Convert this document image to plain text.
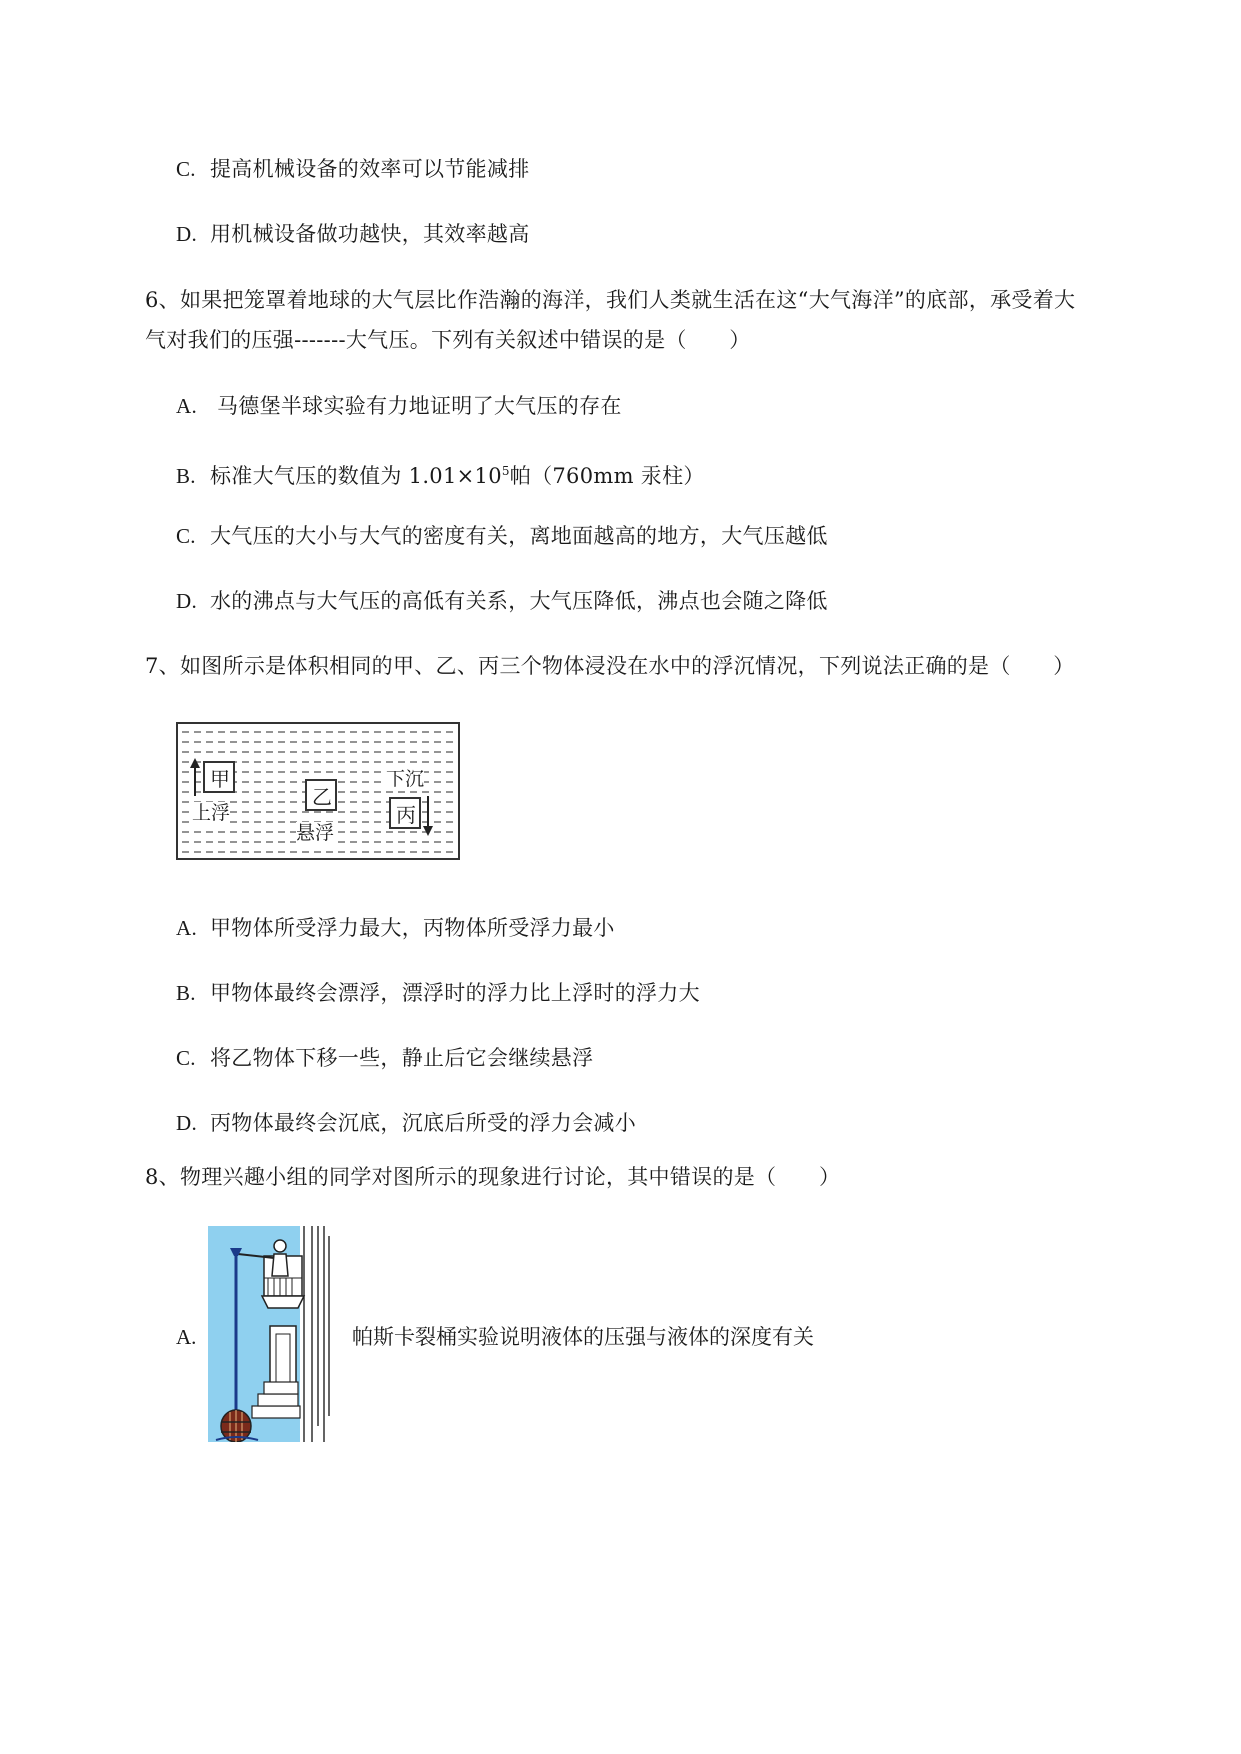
C. 提高机械设备的效率可以节能减排
D. 用机械设备做功越快，其效率越高
6、如果把笼罩着地球的大气层比作浩瀚的海洋，我们人类就生活在这“大气海洋”的底部，承受着大
气对我们的压强-------大气压。下列有关叙述中错误的是（　　）
A. 马德堡半球实验有力地证明了大气压的存在
B. 标准大气压的数值为 $1.01\times 10^5$帕（760mm 汞柱）
C. 大气压的大小与大气的密度有关，离地面越高的地方，大气压越低
D. 水的沸点与大气压的高低有关系，大气压降低，沸点也会随之降低
7、如图所示是体积相同的甲、乙、丙三个物体浸没在水中的浮沉情况，下列说法正确的是（　　）
甲
上浮
乙
悬浮
丙
下沉
A. 甲物体所受浮力最大，丙物体所受浮力最小
B. 甲物体最终会漂浮，漂浮时的浮力比上浮时的浮力大
C. 将乙物体下移一些，静止后它会继续悬浮
D. 丙物体最终会沉底，沉底后所受的浮力会减小
8、物理兴趣小组的同学对图所示的现象进行讨论，其中错误的是（　　）
A.	帕斯卡裂桶实验说明液体的压强与液体的深度有关
